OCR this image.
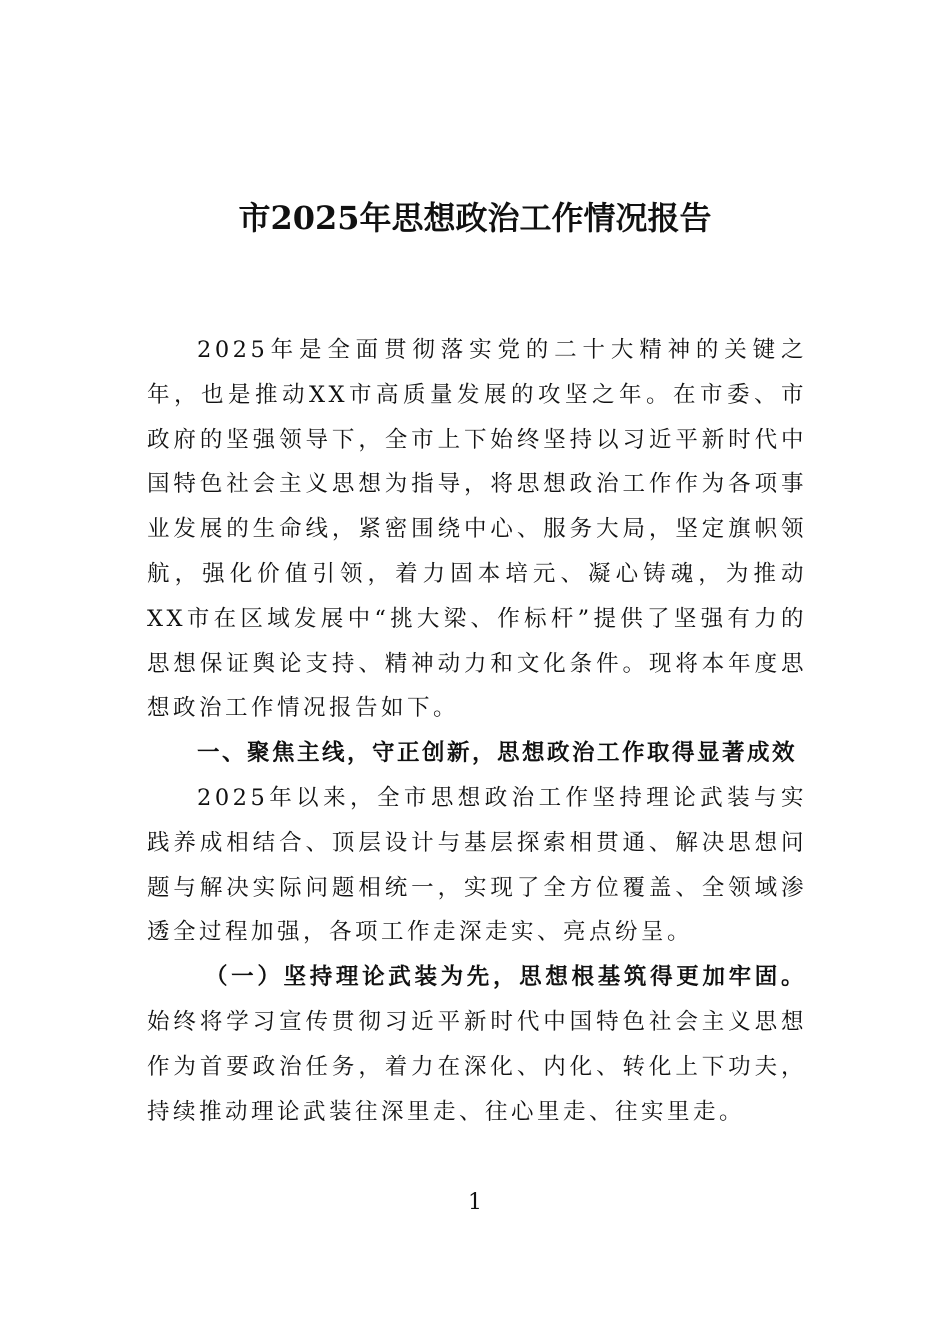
市2025年思想政治工作情况报告

2025年是全面贯彻落实党的二十大精神的关键之年，也是推动XX市高质量发展的攻坚之年。在市委、市政府的坚强领导下，全市上下始终坚持以习近平新时代中国特色社会主义思想为指导，将思想政治工作作为各项事业发展的生命线，紧密围绕中心、服务大局，坚定旗帜领航，强化价值引领，着力固本培元、凝心铸魂，为推动XX市在区域发展中“挑大梁、作标杆”提供了坚强有力的思想保证舆论支持、精神动力和文化条件。现将本年度思想政治工作情况报告如下。

一、聚焦主线，守正创新，思想政治工作取得显著成效

2025年以来，全市思想政治工作坚持理论武装与实践养成相结合、顶层设计与基层探索相贯通、解决思想问题与解决实际问题相统一，实现了全方位覆盖、全领域渗透全过程加强，各项工作走深走实、亮点纷呈。

（一）坚持理论武装为先，思想根基筑得更加牢固。始终将学习宣传贯彻习近平新时代中国特色社会主义思想作为首要政治任务，着力在深化、内化、转化上下功夫，持续推动理论武装往深里走、往心里走、往实里走。

1
